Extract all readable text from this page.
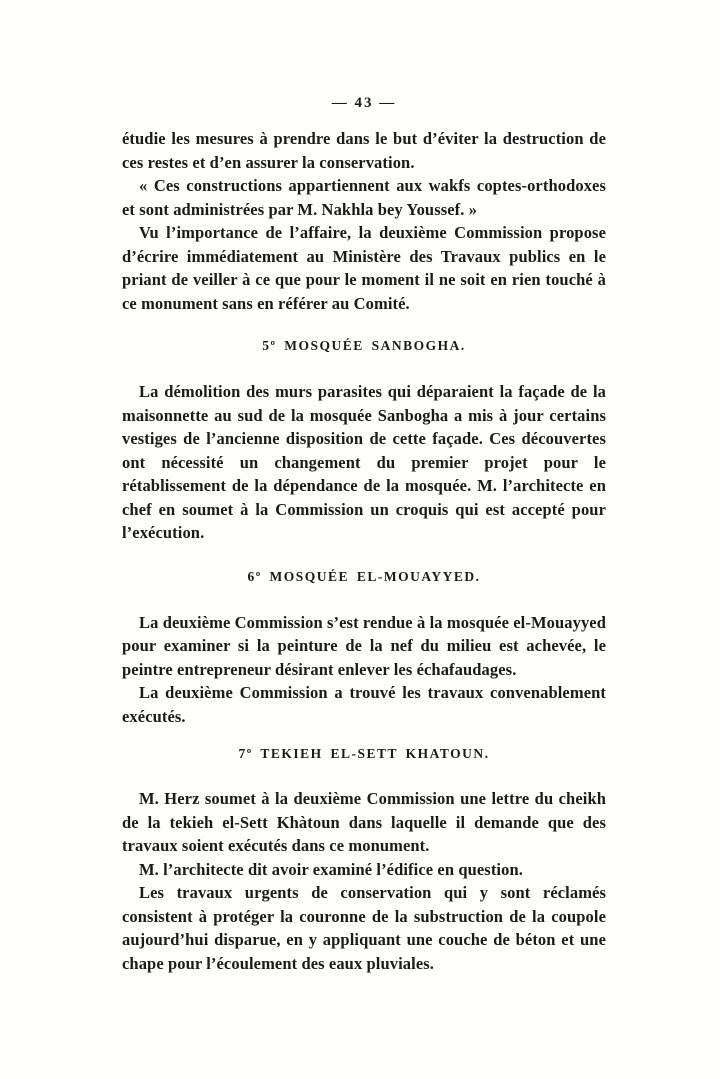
— 43 —

étudie les mesures à prendre dans le but d’éviter la destruction de ces restes et d’en assurer la conservation.

« Ces constructions appartiennent aux wakfs coptes-orthodoxes et sont administrées par M. Nakhla bey Youssef. »

Vu l’importance de l’affaire, la deuxième Commission propose d’écrire immédiatement au Ministère des Travaux publics en le priant de veiller à ce que pour le moment il ne soit en rien touché à ce monument sans en référer au Comité.

5º MOSQUÉE SANBOGHA.

La démolition des murs parasites qui déparaient la façade de la maisonnette au sud de la mosquée Sanbogha a mis à jour certains vestiges de l’ancienne disposition de cette façade. Ces découvertes ont nécessité un changement du premier projet pour le rétablissement de la dépendance de la mosquée. M. l’architecte en chef en soumet à la Commission un croquis qui est accepté pour l’exécution.

6º MOSQUÉE EL-MOUAYYED.

La deuxième Commission s’est rendue à la mosquée el-Mouayyed pour examiner si la peinture de la nef du milieu est achevée, le peintre entrepreneur désirant enlever les échafaudages.

La deuxième Commission a trouvé les travaux convenablement exécutés.

7º TEKIEH EL-SETT KHATOUN.

M. Herz soumet à la deuxième Commission une lettre du cheikh de la tekieh el-Sett Khàtoun dans laquelle il demande que des travaux soient exécutés dans ce monument.

M. l’architecte dit avoir examiné l’édifice en question.

Les travaux urgents de conservation qui y sont réclamés consistent à protéger la couronne de la substruction de la coupole aujourd’hui disparue, en y appliquant une couche de béton et une chape pour l’écoulement des eaux pluviales.
